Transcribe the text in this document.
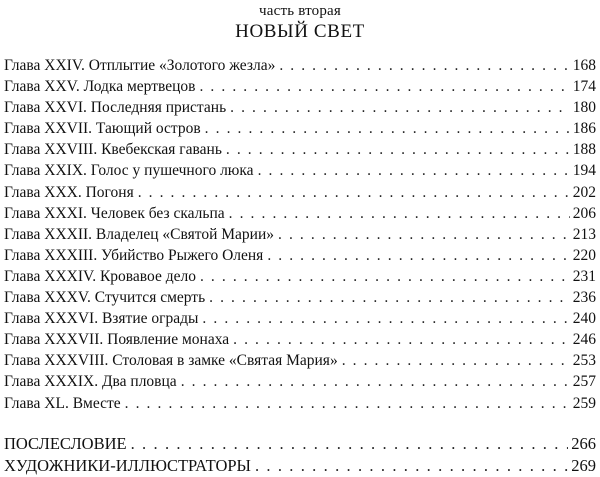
часть вторая
НОВЫЙ СВЕТ
Глава XXIV. Отплытие «Золотого жезла» . . .	168
Глава XXV. Лодка мертвецов . . .	174
Глава XXVI. Последняя пристань . . .	180
Глава XXVII. Тающий остров . . .	186
Глава XXVIII. Квебекская гавань . . .	188
Глава XXIX. Голос у пушечного люка . . .	194
Глава XXX. Погоня . . .	202
Глава XXXI. Человек без скальпа . . .	206
Глава XXXII. Владелец «Святой Марии» . . .	213
Глава XXXIII. Убийство Рыжего Оленя . . .	220
Глава XXXIV. Кровавое дело . . .	231
Глава XXXV. Стучится смерть . . .	236
Глава XXXVI. Взятие ограды . . .	240
Глава XXXVII. Появление монаха . . .	246
Глава XXXVIII. Столовая в замке «Святая Мария» . . .	253
Глава XXXIX. Два пловца . . .	257
Глава XL. Вместе . . .	259
ПОСЛЕСЛОВИЕ . . .	266
ХУДОЖНИКИ-ИЛЛЮСТРАТОРЫ . . .	269
